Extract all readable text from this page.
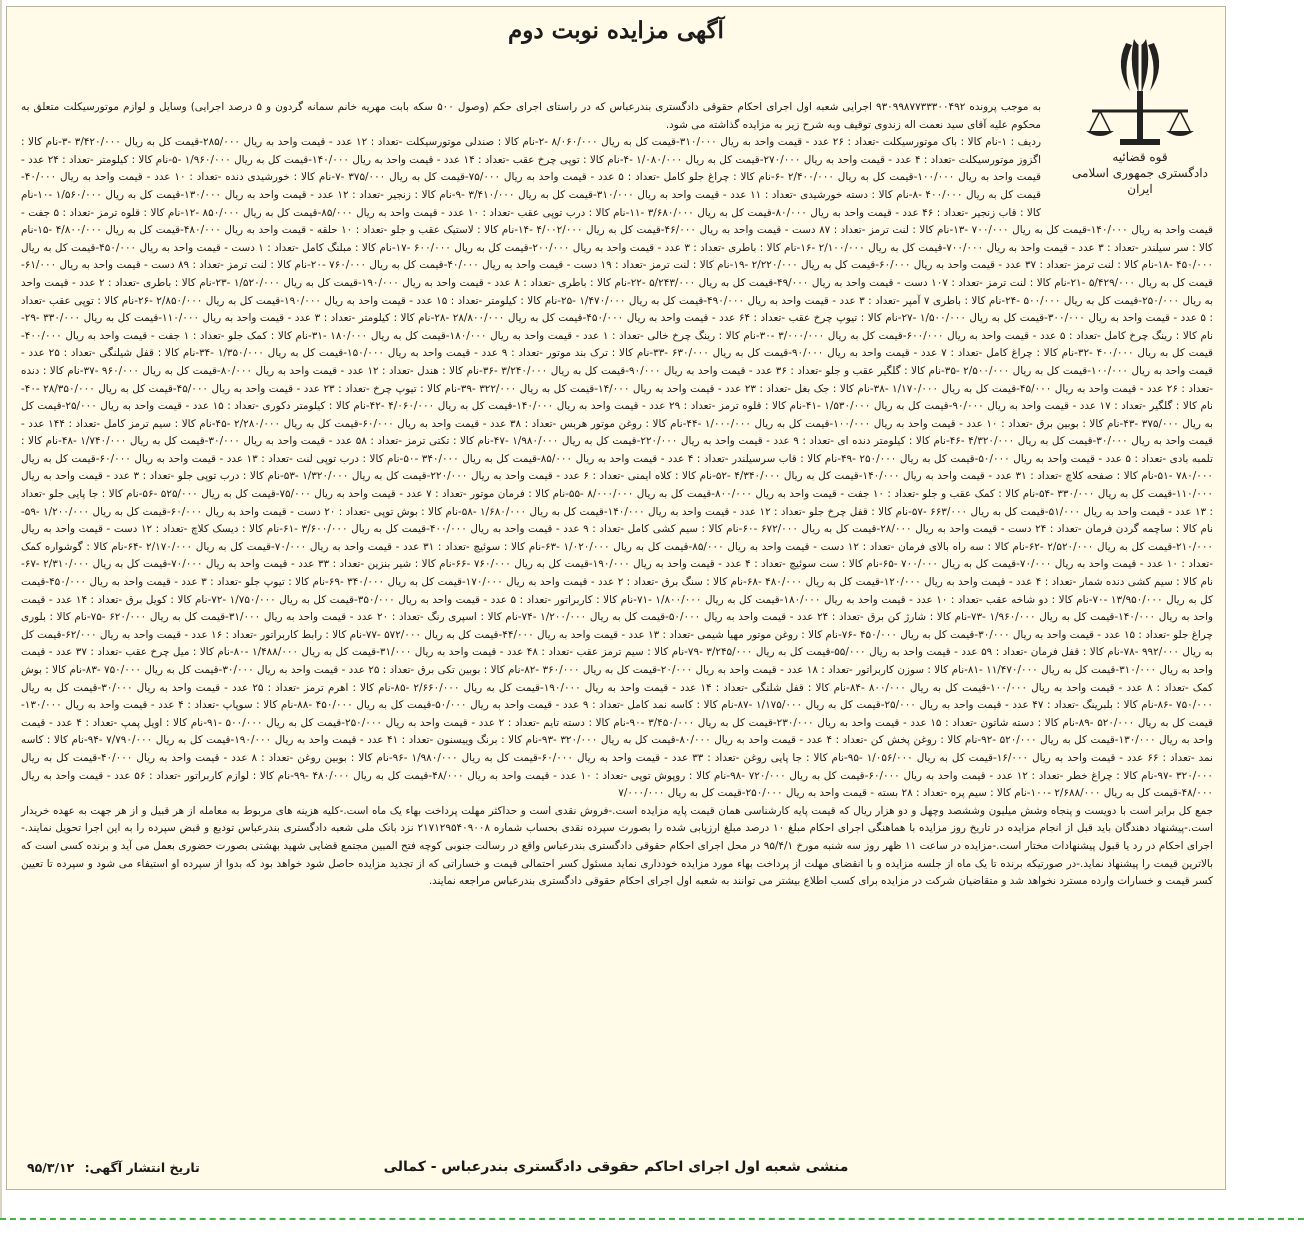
آگهی مزایده نوبت دوم
قوه قضائیه
دادگستری جمهوری اسلامی ایران

به موجب پرونده ۹۳۰۹۹۸۷۷۳۳۳۰۰۴۹۲ اجرایی شعبه اول اجرای احکام حقوقی دادگستری بندرعباس که در راستای اجرای حکم (وصول ۵۰۰ سکه بابت مهریه خانم سمانه گردون و ۵ درصد اجرایی) وسایل و لوازم موتورسیکلت متعلق به محکوم علیه آقای سید نعمت اله زندوی توقیف وبه شرح زیر به مزایده گذاشته می شود.

ردیف : ۱-نام کالا : باک موتورسیکلت -تعداد : ۲۶ عدد - قیمت واحد به ریال ۳۱۰/۰۰۰-قیمت کل به ریال ۸/۰۶۰/۰۰۰ -۲-نام کالا : صندلی موتورسیکلت -تعداد : ۱۲ عدد - قیمت واحد به ریال ۲۸۵/۰۰۰-قیمت کل به ریال ۳/۴۲۰/۰۰۰ -۳-نام کالا : اگزوز موتورسیکلت -تعداد : ۴ عدد - قیمت واحد به ریال ۲۷۰/۰۰۰-قیمت کل به ریال ۱/۰۸۰/۰۰۰ -۴-نام کالا : توپی چرخ عقب -تعداد : ۱۴ عدد - قیمت واحد به ریال ۱۴۰/۰۰۰-قیمت کل به ریال ۱/۹۶۰/۰۰۰ -۵-نام کالا : کیلومتر -تعداد : ۲۴ عدد - قیمت واحد به ریال ۱۰۰/۰۰۰-قیمت کل به ریال ۲/۴۰۰/۰۰۰ -۶-نام کالا : چراغ جلو کامل -تعداد : ۵ عدد - قیمت واحد به ریال ۷۵/۰۰۰-قیمت کل به ریال ۳۷۵/۰۰۰ -۷-نام کالا : خورشیدی دنده -تعداد : ۱۰ عدد - قیمت واحد به ریال ۴۰/۰۰۰-قیمت کل به ریال ۴۰۰/۰۰۰ -۸-نام کالا : دسته خورشیدی -تعداد : ۱۱ عدد - قیمت واحد به ریال ۳۱۰/۰۰۰-قیمت کل به ریال ۳/۴۱۰/۰۰۰ -۹-نام کالا : زنجیر -تعداد : ۱۲ عدد - قیمت واحد به ریال ۱۳۰/۰۰۰-قیمت کل به ریال ۱/۵۶۰/۰۰۰ -۱۰-نام کالا : قاب زنجیر -تعداد : ۴۶ عدد - قیمت واحد به ریال ۸۰/۰۰۰-قیمت کل به ریال ۳/۶۸۰/۰۰۰ -۱۱-نام کالا : درب توپی عقب -تعداد : ۱۰ عدد - قیمت واحد به ریال ۸۵/۰۰۰-قیمت کل به ریال ۸۵۰/۰۰۰ -۱۲-نام کالا : قلوه ترمز -تعداد : ۵ جفت - قیمت واحد به ریال ۱۴۰/۰۰۰-قیمت کل به ریال ۷۰۰/۰۰۰ -۱۳-نام کالا : لنت ترمز -تعداد : ۸۷ دست - قیمت واحد به ریال ۴۶/۰۰۰-قیمت کل به ریال ۴/۰۰۲/۰۰۰ -۱۴-نام کالا : لاستیک عقب و جلو -تعداد : ۱۰ حلقه - قیمت واحد به ریال ۴۸۰/۰۰۰-قیمت کل به ریال ۴/۸۰۰/۰۰۰ -۱۵-نام کالا : سر سیلندر -تعداد : ۳ عدد - قیمت واحد به ریال ۷۰۰/۰۰۰-قیمت کل به ریال ۲/۱۰۰/۰۰۰ -۱۶-نام کالا : باطری -تعداد : ۳ عدد - قیمت واحد به ریال ۲۰۰/۰۰۰-قیمت کل به ریال ۶۰۰/۰۰۰ -۱۷-نام کالا : مبلنگ کامل -تعداد : ۱ دست - قیمت واحد به ریال ۴۵۰/۰۰۰-قیمت کل به ریال ۴۵۰/۰۰۰ -۱۸-نام کالا : لنت ترمز -تعداد : ۳۷ عدد - قیمت واحد به ریال ۶۰/۰۰۰-قیمت کل به ریال ۲/۲۲۰/۰۰۰ -۱۹-نام کالا : لنت ترمز -تعداد : ۱۹ دست - قیمت واحد به ریال ۴۰/۰۰۰-قیمت کل به ریال ۷۶۰/۰۰۰ -۲۰-نام کالا : لنت ترمز -تعداد : ۸۹ دست - قیمت واحد به ریال ۶۱/۰۰۰-قیمت کل به ریال ۵/۴۲۹/۰۰۰ -۲۱-نام کالا : لنت ترمز -تعداد : ۱۰۷ دست - قیمت واحد به ریال ۴۹/۰۰۰-قیمت کل به ریال ۵/۲۴۳/۰۰۰ -۲۲-نام کالا : باطری -تعداد : ۸ عدد - قیمت واحد به ریال ۱۹۰/۰۰۰-قیمت کل به ریال ۱/۵۲۰/۰۰۰ -۲۳-نام کالا : باطری -تعداد : ۲ عدد - قیمت واحد به ریال ۲۵۰/۰۰۰-قیمت کل به ریال ۵۰۰/۰۰۰ -۲۴-نام کالا : باطری ۷ آمپر -تعداد : ۳ عدد - قیمت واحد به ریال ۴۹۰/۰۰۰-قیمت کل به ریال ۱/۴۷۰/۰۰۰ -۲۵-نام کالا : کیلومتر -تعداد : ۱۵ عدد - قیمت واحد به ریال ۱۹۰/۰۰۰-قیمت کل به ریال ۲/۸۵۰/۰۰۰ -۲۶-نام کالا : توپی عقب -تعداد : ۵ عدد - قیمت واحد به ریال ۳۰۰/۰۰۰-قیمت کل به ریال ۱/۵۰۰/۰۰۰ -۲۷-نام کالا : تیوپ چرخ عقب -تعداد : ۶۴ عدد - قیمت واحد به ریال ۴۵۰/۰۰۰-قیمت کل به ریال ۲۸/۸۰۰/۰۰۰ -۲۸-نام کالا : کیلومتر -تعداد : ۳ عدد - قیمت واحد به ریال ۱۱۰/۰۰۰-قیمت کل به ریال ۳۳۰/۰۰۰ -۲۹-نام کالا : رینگ چرخ کامل -تعداد : ۵ عدد - قیمت واحد به ریال ۶۰۰/۰۰۰-قیمت کل به ریال ۳/۰۰۰/۰۰۰ -۳۰-نام کالا : رینگ چرخ خالی -تعداد : ۱ عدد - قیمت واحد به ریال ۱۸۰/۰۰۰-قیمت کل به ریال ۱۸۰/۰۰۰ -۳۱-نام کالا : کمک جلو -تعداد : ۱ جفت - قیمت واحد به ریال ۴۰۰/۰۰۰-قیمت کل به ریال ۴۰۰/۰۰۰ -۳۲-نام کالا : چراغ کامل -تعداد : ۷ عدد - قیمت واحد به ریال ۹۰/۰۰۰-قیمت کل به ریال ۶۳۰/۰۰۰ -۳۳-نام کالا : ترک بند موتور -تعداد : ۹ عدد - قیمت واحد به ریال ۱۵۰/۰۰۰-قیمت کل به ریال ۱/۳۵۰/۰۰۰ -۳۴-نام کالا : قفل شیلنگی -تعداد : ۲۵ عدد - قیمت واحد به ریال ۱۰۰/۰۰۰-قیمت کل به ریال ۲/۵۰۰/۰۰۰ -۳۵-نام کالا : گلگیر عقب و جلو -تعداد : ۳۶ عدد - قیمت واحد به ریال ۹۰/۰۰۰-قیمت کل به ریال ۳/۲۴۰/۰۰۰ -۳۶-نام کالا : هندل -تعداد : ۱۲ عدد - قیمت واحد به ریال ۸۰/۰۰۰-قیمت کل به ریال ۹۶۰/۰۰۰ -۳۷-نام کالا : دنده -تعداد : ۲۶ عدد - قیمت واحد به ریال ۴۵/۰۰۰-قیمت کل به ریال ۱/۱۷۰/۰۰۰ -۳۸-نام کالا : جک بغل -تعداد : ۲۳ عدد - قیمت واحد به ریال ۱۴/۰۰۰-قیمت کل به ریال ۳۲۲/۰۰۰ -۳۹-نام کالا : تیوپ چرخ -تعداد : ۲۳ عدد - قیمت واحد به ریال ۴۵/۰۰۰-قیمت کل به ریال ۲۸/۳۵۰/۰۰۰ -۴۰-نام کالا : گلگیر -تعداد : ۱۷ عدد - قیمت واحد به ریال ۹۰/۰۰۰-قیمت کل به ریال ۱/۵۳۰/۰۰۰ -۴۱-نام کالا : قلوه ترمز -تعداد : ۲۹ عدد - قیمت واحد به ریال ۱۴۰/۰۰۰-قیمت کل به ریال ۴/۰۶۰/۰۰۰ -۴۲-نام کالا : کیلومتر دکوری -تعداد : ۱۵ عدد - قیمت واحد به ریال ۲۵/۰۰۰-قیمت کل به ریال ۳۷۵/۰۰۰ -۴۳-نام کالا : بوبین برق -تعداد : ۱۰ عدد - قیمت واحد به ریال ۱۰۰/۰۰۰-قیمت کل به ریال ۱/۰۰۰/۰۰۰ -۴۴-نام کالا : روغن موتور هربس -تعداد : ۳۸ عدد - قیمت واحد به ریال ۶۰/۰۰۰-قیمت کل به ریال ۲/۲۸۰/۰۰۰ -۴۵-نام کالا : سیم ترمز کامل -تعداد : ۱۴۴ عدد - قیمت واحد به ریال ۳۰/۰۰۰-قیمت کل به ریال ۴/۳۲۰/۰۰۰ -۴۶-نام کالا : کیلومتر دنده ای -تعداد : ۹ عدد - قیمت واحد به ریال ۲۲۰/۰۰۰-قیمت کل به ریال ۱/۹۸۰/۰۰۰ -۴۷-نام کالا : تکتی ترمز -تعداد : ۵۸ عدد - قیمت واحد به ریال ۳۰/۰۰۰-قیمت کل به ریال ۱/۷۴۰/۰۰۰ -۴۸-نام کالا : تلمبه بادی -تعداد : ۵ عدد - قیمت واحد به ریال ۵۰/۰۰۰-قیمت کل به ریال ۲۵۰/۰۰۰ -۴۹-نام کالا : قاب سرسیلندر -تعداد : ۴ عدد - قیمت واحد به ریال ۸۵/۰۰۰-قیمت کل به ریال ۳۴۰/۰۰۰ -۵۰-نام کالا : درب توپی لنت -تعداد : ۱۳ عدد - قیمت واحد به ریال ۶۰/۰۰۰-قیمت کل به ریال ۷۸۰/۰۰۰ -۵۱-نام کالا : صفحه کلاچ -تعداد : ۳۱ عدد - قیمت واحد به ریال ۱۴۰/۰۰۰-قیمت کل به ریال ۴/۳۴۰/۰۰۰ -۵۲-نام کالا : کلاه ایمنی -تعداد : ۶ عدد - قیمت واحد به ریال ۲۲۰/۰۰۰-قیمت کل به ریال ۱/۳۲۰/۰۰۰ -۵۳-نام کالا : درب توپی جلو -تعداد : ۳ عدد - قیمت واحد به ریال ۱۱۰/۰۰۰-قیمت کل به ریال ۳۳۰/۰۰۰ -۵۴-نام کالا : کمک عقب و جلو -تعداد : ۱۰ جفت - قیمت واحد به ریال ۸۰۰/۰۰۰-قیمت کل به ریال ۸/۰۰۰/۰۰۰ -۵۵-نام کالا : فرمان موتور -تعداد : ۷ عدد - قیمت واحد به ریال ۷۵/۰۰۰-قیمت کل به ریال ۵۲۵/۰۰۰ -۵۶-نام کالا : جا پایی جلو -تعداد : ۱۳ عدد - قیمت واحد به ریال ۵۱/۰۰۰-قیمت کل به ریال ۶۶۳/۰۰۰ -۵۷-نام کالا : قفل چرخ جلو -تعداد : ۱۲ عدد - قیمت واحد به ریال ۱۴۰/۰۰۰-قیمت کل به ریال ۱/۶۸۰/۰۰۰ -۵۸-نام کالا : بوش توپی -تعداد : ۲۰ دست - قیمت واحد به ریال ۶۰/۰۰۰-قیمت کل به ریال ۱/۲۰۰/۰۰۰ -۵۹-نام کالا : ساچمه گردن فرمان -تعداد : ۲۴ دست - قیمت واحد به ریال ۲۸/۰۰۰-قیمت کل به ریال ۶۷۲/۰۰۰ -۶۰-نام کالا : سیم کشی کامل -تعداد : ۹ عدد - قیمت واحد به ریال ۴۰۰/۰۰۰-قیمت کل به ریال ۳/۶۰۰/۰۰۰ -۶۱-نام کالا : دیسک کلاچ -تعداد : ۱۲ دست - قیمت واحد به ریال ۲۱۰/۰۰۰-قیمت کل به ریال ۲/۵۲۰/۰۰۰ -۶۲-نام کالا : سه راه بالای فرمان -تعداد : ۱۲ دست - قیمت واحد به ریال ۸۵/۰۰۰-قیمت کل به ریال ۱/۰۲۰/۰۰۰ -۶۳-نام کالا : سوئیچ -تعداد : ۳۱ عدد - قیمت واحد به ریال ۷۰/۰۰۰-قیمت کل به ریال ۲/۱۷۰/۰۰۰ -۶۴-نام کالا : گوشواره کمک -تعداد : ۱۰ عدد - قیمت واحد به ریال ۷۰/۰۰۰-قیمت کل به ریال ۷۰۰/۰۰۰ -۶۵-نام کالا : ست سوئیچ -تعداد : ۴ عدد - قیمت واحد به ریال ۱۹۰/۰۰۰-قیمت کل به ریال ۷۶۰/۰۰۰ -۶۶-نام کالا : شیر بنزین -تعداد : ۳۳ عدد - قیمت واحد به ریال ۷۰/۰۰۰-قیمت کل به ریال ۲/۳۱۰/۰۰۰ -۶۷-نام کالا : سیم کشی دنده شمار -تعداد : ۴ عدد - قیمت واحد به ریال ۱۲۰/۰۰۰-قیمت کل به ریال ۴۸۰/۰۰۰ -۶۸-نام کالا : سنگ برق -تعداد : ۲ عدد - قیمت واحد به ریال ۱۷۰/۰۰۰-قیمت کل به ریال ۳۴۰/۰۰۰ -۶۹-نام کالا : تیوپ جلو -تعداد : ۳ عدد - قیمت واحد به ریال ۴۵۰/۰۰۰-قیمت کل به ریال ۱۳/۹۵۰/۰۰۰ -۷۰-نام کالا : دو شاخه عقب -تعداد : ۱۰ عدد - قیمت واحد به ریال ۱۸۰/۰۰۰-قیمت کل به ریال ۱/۸۰۰/۰۰۰ -۷۱-نام کالا : کاربراتور -تعداد : ۵ عدد - قیمت واحد به ریال ۳۵۰/۰۰۰-قیمت کل به ریال ۱/۷۵۰/۰۰۰ -۷۲-نام کالا : کویل برق -تعداد : ۱۴ عدد - قیمت واحد به ریال ۱۴۰/۰۰۰-قیمت کل به ریال ۱/۹۶۰/۰۰۰ -۷۳-نام کالا : شارژ کن برق -تعداد : ۲۴ عدد - قیمت واحد به ریال ۵۰/۰۰۰-قیمت کل به ریال ۱/۲۰۰/۰۰۰ -۷۴-نام کالا : اسپری رنگ -تعداد : ۲۰ عدد - قیمت واحد به ریال ۳۱/۰۰۰-قیمت کل به ریال ۶۲۰/۰۰۰ -۷۵-نام کالا : بلوری چراغ جلو -تعداد : ۱۵ عدد - قیمت واحد به ریال ۳۰/۰۰۰-قیمت کل به ریال ۴۵۰/۰۰۰ -۷۶-نام کالا : روغن موتور مهیا شیمی -تعداد : ۱۳ عدد - قیمت واحد به ریال ۴۴/۰۰۰-قیمت کل به ریال ۵۷۲/۰۰۰ -۷۷-نام کالا : رابط کاربراتور -تعداد : ۱۶ عدد - قیمت واحد به ریال ۶۲/۰۰۰-قیمت کل به ریال ۹۹۲/۰۰۰ -۷۸-نام کالا : قفل فرمان -تعداد : ۵۹ عدد - قیمت واحد به ریال ۵۵/۰۰۰-قیمت کل به ریال ۳/۲۴۵/۰۰۰ -۷۹-نام کالا : سیم ترمز عقب -تعداد : ۴۸ عدد - قیمت واحد به ریال ۳۱/۰۰۰-قیمت کل به ریال ۱/۴۸۸/۰۰۰ -۸۰-نام کالا : میل چرخ عقب -تعداد : ۳۷ عدد - قیمت واحد به ریال ۳۱۰/۰۰۰-قیمت کل به ریال ۱۱/۴۷۰/۰۰۰ -۸۱-نام کالا : سوزن کاربراتور -تعداد : ۱۸ عدد - قیمت واحد به ریال ۲۰/۰۰۰-قیمت کل به ریال ۳۶۰/۰۰۰ -۸۲-نام کالا : بوبین تکی برق -تعداد : ۲۵ عدد - قیمت واحد به ریال ۳۰/۰۰۰-قیمت کل به ریال ۷۵۰/۰۰۰ -۸۳-نام کالا : بوش کمک -تعداد : ۸ عدد - قیمت واحد به ریال ۱۰۰/۰۰۰-قیمت کل به ریال ۸۰۰/۰۰۰ -۸۴-نام کالا : قفل شلنگی -تعداد : ۱۴ عدد - قیمت واحد به ریال ۱۹۰/۰۰۰-قیمت کل به ریال ۲/۶۶۰/۰۰۰ -۸۵-نام کالا : اهرم ترمز -تعداد : ۲۵ عدد - قیمت واحد به ریال ۳۰/۰۰۰-قیمت کل به ریال ۷۵۰/۰۰۰ -۸۶-نام کالا : بلبرینگ -تعداد : ۴۷ عدد - قیمت واحد به ریال ۲۵/۰۰۰-قیمت کل به ریال ۱/۱۷۵/۰۰۰ -۸۷-نام کالا : کاسه نمد کامل -تعداد : ۹ عدد - قیمت واحد به ریال ۵۰/۰۰۰-قیمت کل به ریال ۴۵۰/۰۰۰ -۸۸-نام کالا : سوپاپ -تعداد : ۴ عدد - قیمت واحد به ریال ۱۳۰/۰۰۰-قیمت کل به ریال ۵۲۰/۰۰۰ -۸۹-نام کالا : دسته شاتون -تعداد : ۱۵ عدد - قیمت واحد به ریال ۲۳۰/۰۰۰-قیمت کل به ریال ۳/۴۵۰/۰۰۰ -۹۰-نام کالا : دسته تایم -تعداد : ۲ عدد - قیمت واحد به ریال ۲۵۰/۰۰۰-قیمت کل به ریال ۵۰۰/۰۰۰ -۹۱-نام کالا : اویل پمپ -تعداد : ۴ عدد - قیمت واحد به ریال ۱۳۰/۰۰۰-قیمت کل به ریال ۵۲۰/۰۰۰ -۹۲-نام کالا : روغن پخش کن -تعداد : ۴ عدد - قیمت واحد به ریال ۸۰/۰۰۰-قیمت کل به ریال ۳۲۰/۰۰۰ -۹۳-نام کالا : برنگ وییسنون -تعداد : ۴۱ عدد - قیمت واحد به ریال ۱۹۰/۰۰۰-قیمت کل به ریال ۷/۷۹۰/۰۰۰ -۹۴-نام کالا : کاسه نمد -تعداد : ۶۶ عدد - قیمت واحد به ریال ۱۶/۰۰۰-قیمت کل به ریال ۱/۰۵۶/۰۰۰ -۹۵-نام کالا : جا پایی روغن -تعداد : ۳۳ عدد - قیمت واحد به ریال ۶۰/۰۰۰-قیمت کل به ریال ۱/۹۸۰/۰۰۰ -۹۶-نام کالا : بوبین روغن -تعداد : ۸ عدد - قیمت واحد به ریال ۴۰/۰۰۰-قیمت کل به ریال ۳۲۰/۰۰۰ -۹۷-نام کالا : چراغ خطر -تعداد : ۱۲ عدد - قیمت واحد به ریال ۶۰/۰۰۰-قیمت کل به ریال ۷۲۰/۰۰۰ -۹۸-نام کالا : روپوش توپی -تعداد : ۱۰ عدد - قیمت واحد به ریال ۴۸/۰۰۰-قیمت کل به ریال ۴۸۰/۰۰۰ -۹۹-نام کالا : لوازم کاربراتور -تعداد : ۵۶ عدد - قیمت واحد به ریال ۴۸/۰۰۰-قیمت کل به ریال ۲/۶۸۸/۰۰۰ -۱۰۰-نام کالا : سیم پره -تعداد : ۲۸ بسته - قیمت واحد به ریال ۲۵۰/۰۰۰-قیمت کل به ریال ۷/۰۰۰/۰۰۰

جمع کل برابر است با دویست و پنجاه وشش میلیون وششصد وچهل و دو هزار ریال که قیمت پایه کارشناسی همان قیمت پایه مزایده است.-فروش نقدی است و حداکثر مهلت پرداخت بهاء یک ماه است.-کلیه هزینه های مربوط به معامله از هر قبیل و از هر جهت به عهده خریدار است.-پیشنهاد دهندگان باید قبل از انجام مزایده در تاریخ روز مزایده با هماهنگی اجرای احکام مبلغ ۱۰ درصد مبلغ ارزیابی شده را بصورت سپرده نقدی بحساب شماره ۲۱۷۱۲۹۵۴۰۹۰۰۸ نزد بانک ملی شعبه دادگستری بندرعباس تودیع و قبض سپرده را به این اجرا تحویل نمایند.-اجرای احکام در رد یا قبول پیشنهادات مختار است.-مزایده در ساعت ۱۱ ظهر روز سه شنبه مورخ ۹۵/۴/۱ در محل اجرای احکام حقوقی دادگستری بندرعباس واقع در رسالت جنوبی کوچه فتح المبین مجتمع قضایی شهید بهشتی بصورت حضوری بعمل می آید و برنده کسی است که بالاترین قیمت را پیشنهاد نماید.-در صورتیکه برنده تا یک ماه از جلسه مزایده و با انقضای مهلت از پرداخت بهاء مورد مزایده خودداری نماید مسئول کسر احتمالی قیمت و خساراتی که از تجدید مزایده حاصل شود خواهد بود که بدوا از سپرده او استیفاء می شود و سپرده تا تعیین کسر قیمت و خسارات وارده مسترد نخواهد شد و متقاضیان شرکت در مزایده برای کسب اطلاع بیشتر می توانند به شعبه اول اجرای احکام حقوقی دادگستری بندرعباس مراجعه نمایند.

منشی شعبه اول اجرای احاکم حقوقی دادگستری بندرعباس - کمالی
تاریخ انتشار آگهی: ۹۵/۳/۱۲
